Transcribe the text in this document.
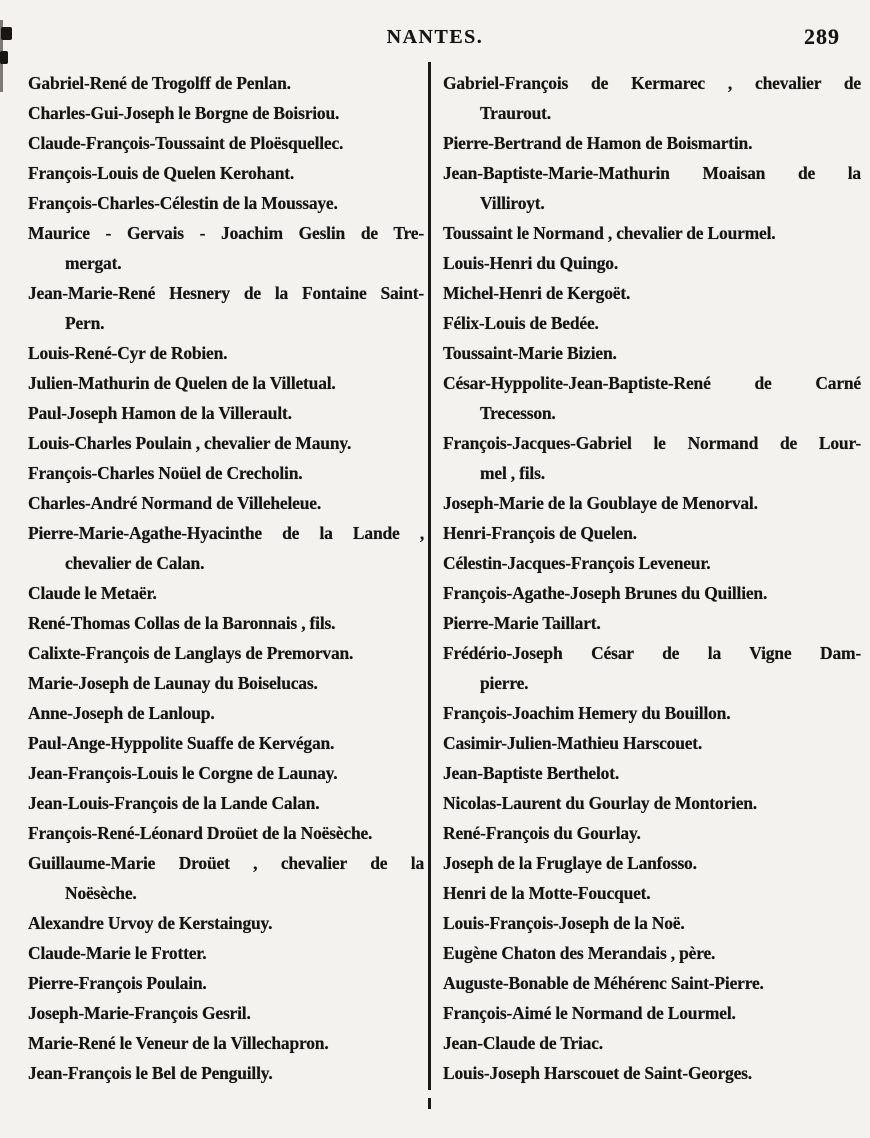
NANTES.	289
Gabriel-René de Trogolff de Penlan.
Charles-Gui-Joseph le Borgne de Boisriou.
Claude-François-Toussaint de Ploësquellec.
François-Louis de Quelen Kerohant.
François-Charles-Célestin de la Moussaye.
Maurice - Gervais - Joachim Geslin de Tre-
mergat.
Jean-Marie-René Hesnery de la Fontaine Saint-
Pern.
Louis-René-Cyr de Robien.
Julien-Mathurin de Quelen de la Villetual.
Paul-Joseph Hamon de la Villerault.
Louis-Charles Poulain , chevalier de Mauny.
François-Charles Noüel de Crecholin.
Charles-André Normand de Villeheleue.
Pierre-Marie-Agathe-Hyacinthe de la Lande ,
chevalier de Calan.
Claude le Metaër.
René-Thomas Collas de la Baronnais , fils.
Calixte-François de Langlays de Premorvan.
Marie-Joseph de Launay du Boiselucas.
Anne-Joseph de Lanloup.
Paul-Ange-Hyppolite Suaffe de Kervégan.
Jean-François-Louis le Corgne de Launay.
Jean-Louis-François de la Lande Calan.
François-René-Léonard Droüet de la Noësèche.
Guillaume-Marie Droüet , chevalier de la
Noësèche.
Alexandre Urvoy de Kerstainguy.
Claude-Marie le Frotter.
Pierre-François Poulain.
Joseph-Marie-François Gesril.
Marie-René le Veneur de la Villechapron.
Jean-François le Bel de Penguilly.
Gabriel-François de Kermarec , chevalier de
Traurout.
Pierre-Bertrand de Hamon de Boismartin.
Jean-Baptiste-Marie-Mathurin Moaisan de la
Villiroyt.
Toussaint le Normand , chevalier de Lourmel.
Louis-Henri du Quingo.
Michel-Henri de Kergoët.
Félix-Louis de Bedée.
Toussaint-Marie Bizien.
César-Hyppolite-Jean-Baptiste-René de Carné
Trecesson.
François-Jacques-Gabriel le Normand de Lour-
mel , fils.
Joseph-Marie de la Goublaye de Menorval.
Henri-François de Quelen.
Célestin-Jacques-François Leveneur.
François-Agathe-Joseph Brunes du Quillien.
Pierre-Marie Taillart.
Frédério-Joseph César de la Vigne Dam-
pierre.
François-Joachim Hemery du Bouillon.
Casimir-Julien-Mathieu Harscouet.
Jean-Baptiste Berthelot.
Nicolas-Laurent du Gourlay de Montorien.
René-François du Gourlay.
Joseph de la Fruglaye de Lanfosso.
Henri de la Motte-Foucquet.
Louis-François-Joseph de la Noë.
Eugène Chaton des Merandais , père.
Auguste-Bonable de Méhérenc Saint-Pierre.
François-Aimé le Normand de Lourmel.
Jean-Claude de Triac.
Louis-Joseph Harscouet de Saint-Georges.
